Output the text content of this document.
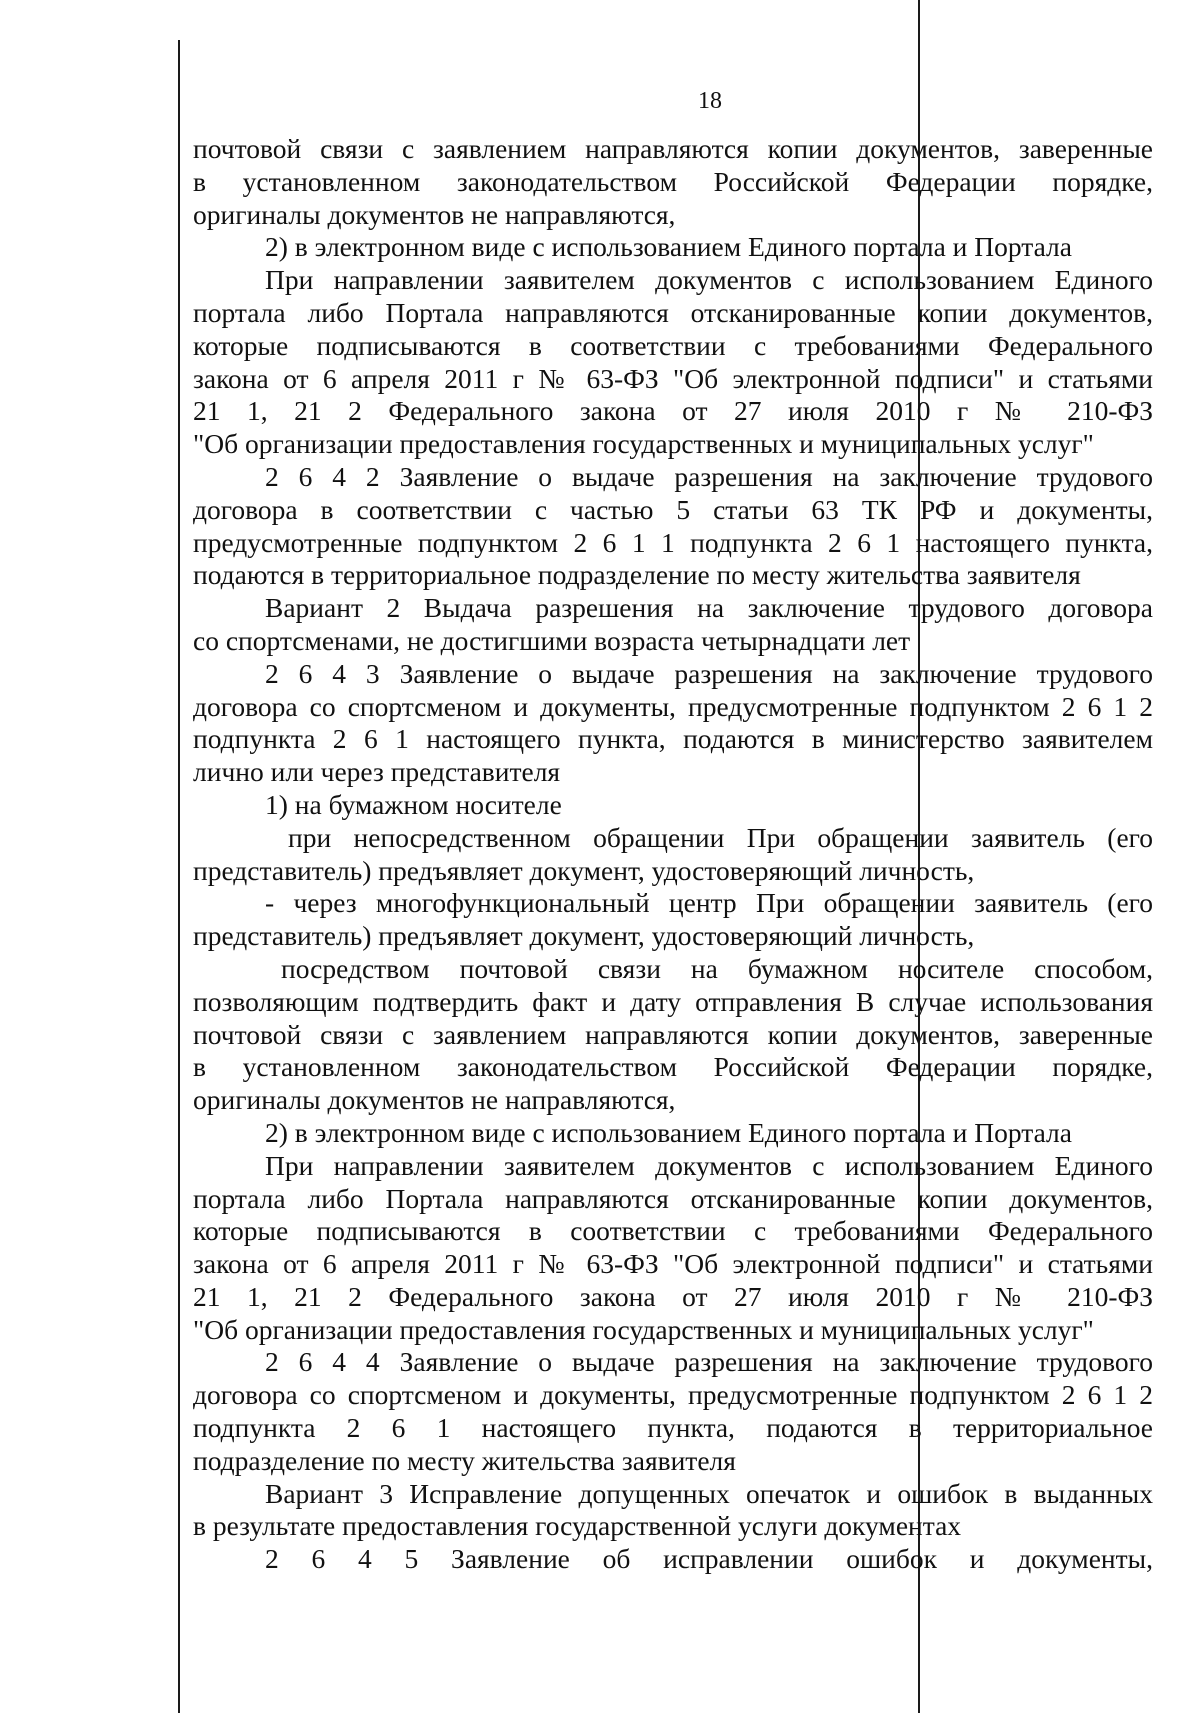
18
почтовой связи с заявлением направляются копии документов, заверенные
в установленном законодательством Российской Федерации порядке,
оригиналы документов не направляются,
2) в электронном виде с использованием Единого портала и Портала
При направлении заявителем документов с использованием Единого
портала либо Портала направляются отсканированные копии документов,
которые подписываются в соответствии с требованиями Федерального
закона от 6 апреля 2011 г № 63-ФЗ "Об электронной подписи" и статьями
21 1, 21 2 Федерального закона от 27 июля 2010 г № 210-ФЗ
"Об организации предоставления государственных и муниципальных услуг"
2 6 4 2 Заявление о выдаче разрешения на заключение трудового
договора в соответствии с частью 5 статьи 63 ТК РФ и документы,
предусмотренные подпунктом 2 6 1 1 подпункта 2 6 1 настоящего пункта,
подаются в территориальное подразделение по месту жительства заявителя
Вариант 2 Выдача разрешения на заключение трудового договора
со спортсменами, не достигшими возраста четырнадцати лет
2 6 4 3 Заявление о выдаче разрешения на заключение трудового
договора со спортсменом и документы, предусмотренные подпунктом 2 6 1 2
подпункта 2 6 1 настоящего пункта, подаются в министерство заявителем
лично или через представителя
1) на бумажном носителе
при непосредственном обращении При обращении заявитель (его
представитель) предъявляет документ, удостоверяющий личность,
- через многофункциональный центр При обращении заявитель (его
представитель) предъявляет документ, удостоверяющий личность,
посредством почтовой связи на бумажном носителе способом,
позволяющим подтвердить факт и дату отправления В случае использования
почтовой связи с заявлением направляются копии документов, заверенные
в установленном законодательством Российской Федерации порядке,
оригиналы документов не направляются,
2) в электронном виде с использованием Единого портала и Портала
При направлении заявителем документов с использованием Единого
портала либо Портала направляются отсканированные копии документов,
которые подписываются в соответствии с требованиями Федерального
закона от 6 апреля 2011 г № 63-ФЗ "Об электронной подписи" и статьями
21 1, 21 2 Федерального закона от 27 июля 2010 г № 210-ФЗ
"Об организации предоставления государственных и муниципальных услуг"
2 6 4 4 Заявление о выдаче разрешения на заключение трудового
договора со спортсменом и документы, предусмотренные подпунктом 2 6 1 2
подпункта 2 6 1 настоящего пункта, подаются в территориальное
подразделение по месту жительства заявителя
Вариант 3 Исправление допущенных опечаток и ошибок в выданных
в результате предоставления государственной услуги документах
2 6 4 5 Заявление об исправлении ошибок и документы,
